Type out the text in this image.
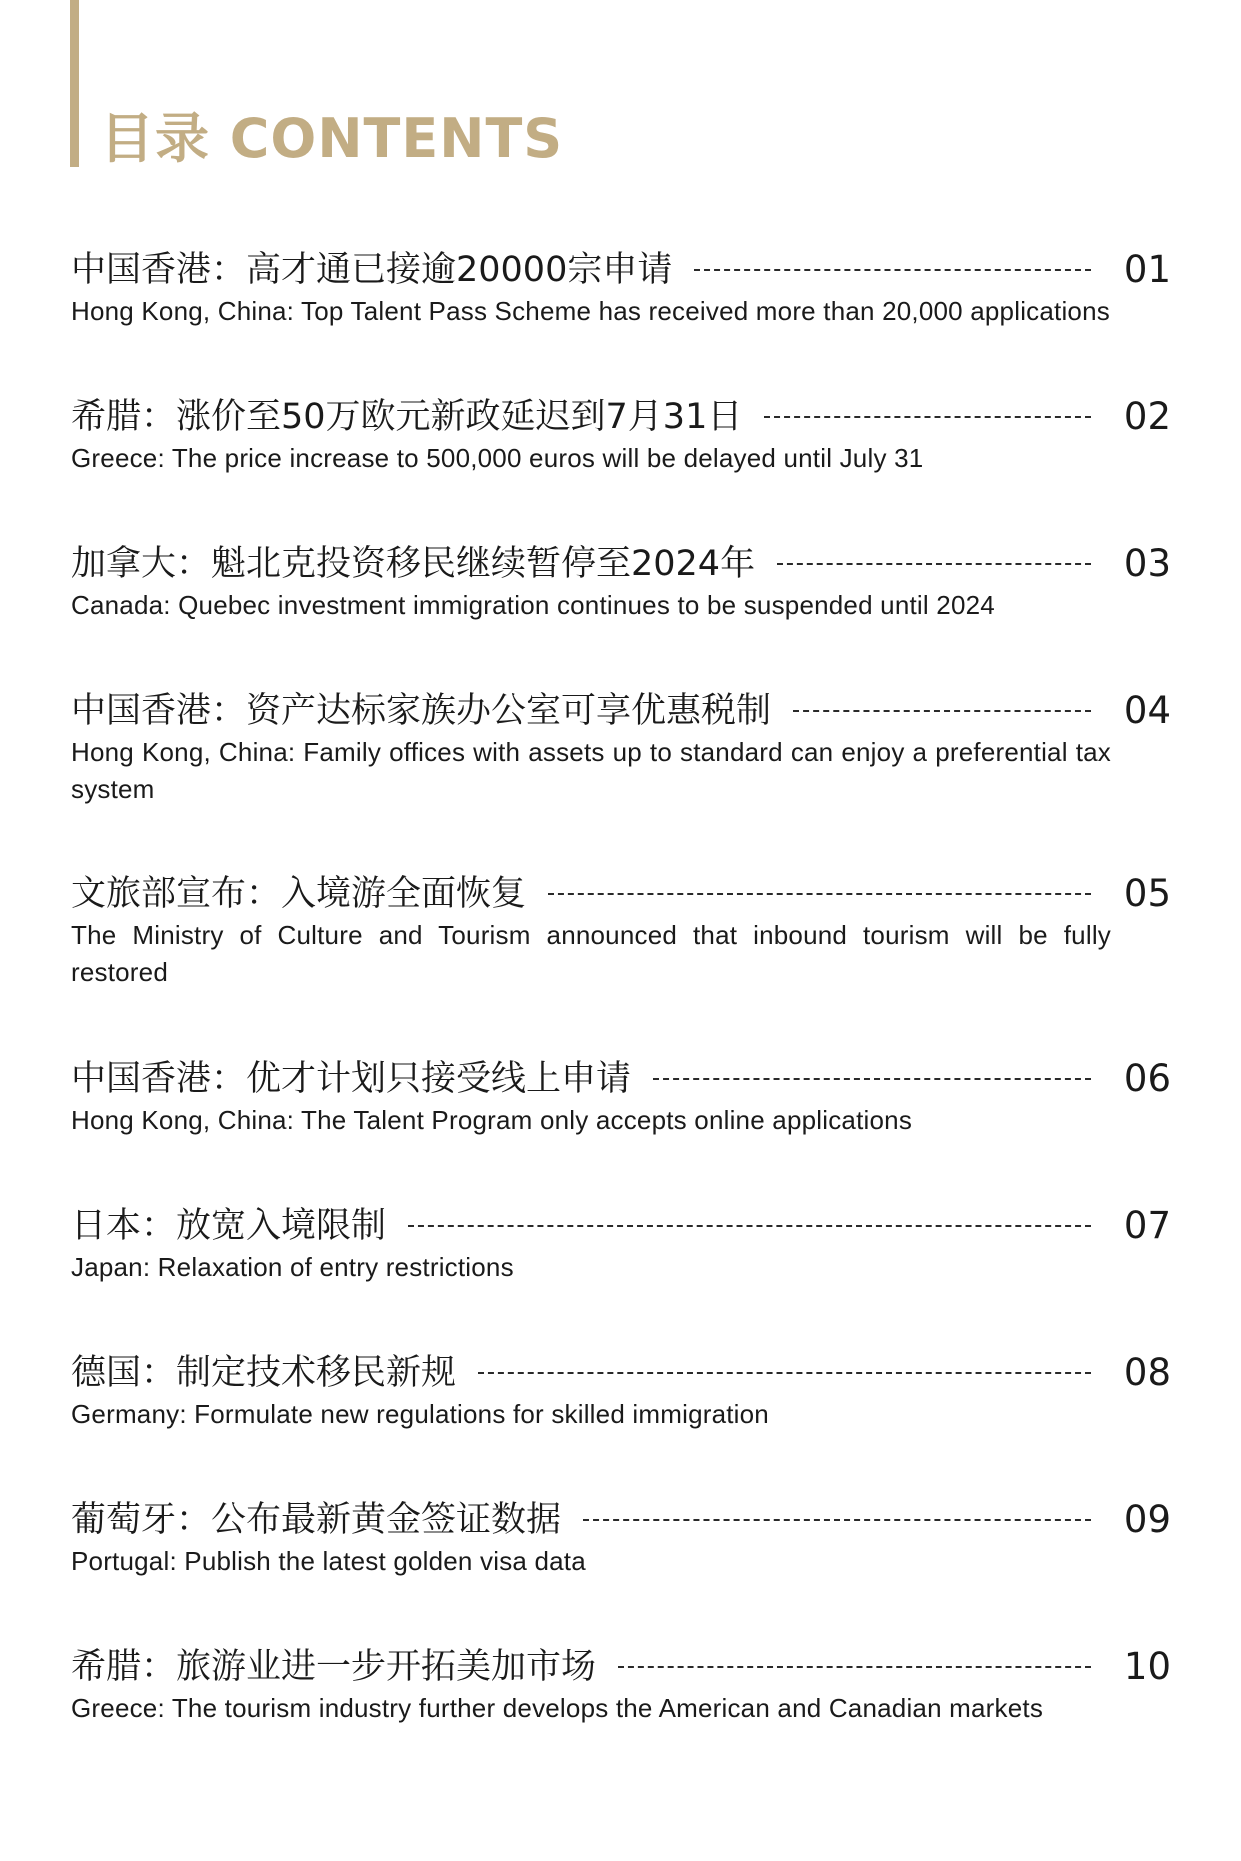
目录 CONTENTS
中国香港：高才通已接逾20000宗申请	01
Hong Kong, China: Top Talent Pass Scheme has received more than 20,000 applications
希腊：涨价至50万欧元新政延迟到7月31日	02
Greece: The price increase to 500,000 euros will be delayed until July 31
加拿大：魁北克投资移民继续暂停至2024年	03
Canada: Quebec investment immigration continues to be suspended until 2024
中国香港：资产达标家族办公室可享优惠税制	04
Hong Kong, China: Family offices with assets up to standard can enjoy a preferential tax system
文旅部宣布：入境游全面恢复	05
The Ministry of Culture and Tourism announced that inbound tourism will be fully restored
中国香港：优才计划只接受线上申请	06
Hong Kong, China: The Talent Program only accepts online applications
日本：放宽入境限制	07
Japan: Relaxation of entry restrictions
德国：制定技术移民新规	08
Germany: Formulate new regulations for skilled immigration
葡萄牙：公布最新黄金签证数据	09
Portugal: Publish the latest golden visa data
希腊：旅游业进一步开拓美加市场	10
Greece: The tourism industry further develops the American and Canadian markets
